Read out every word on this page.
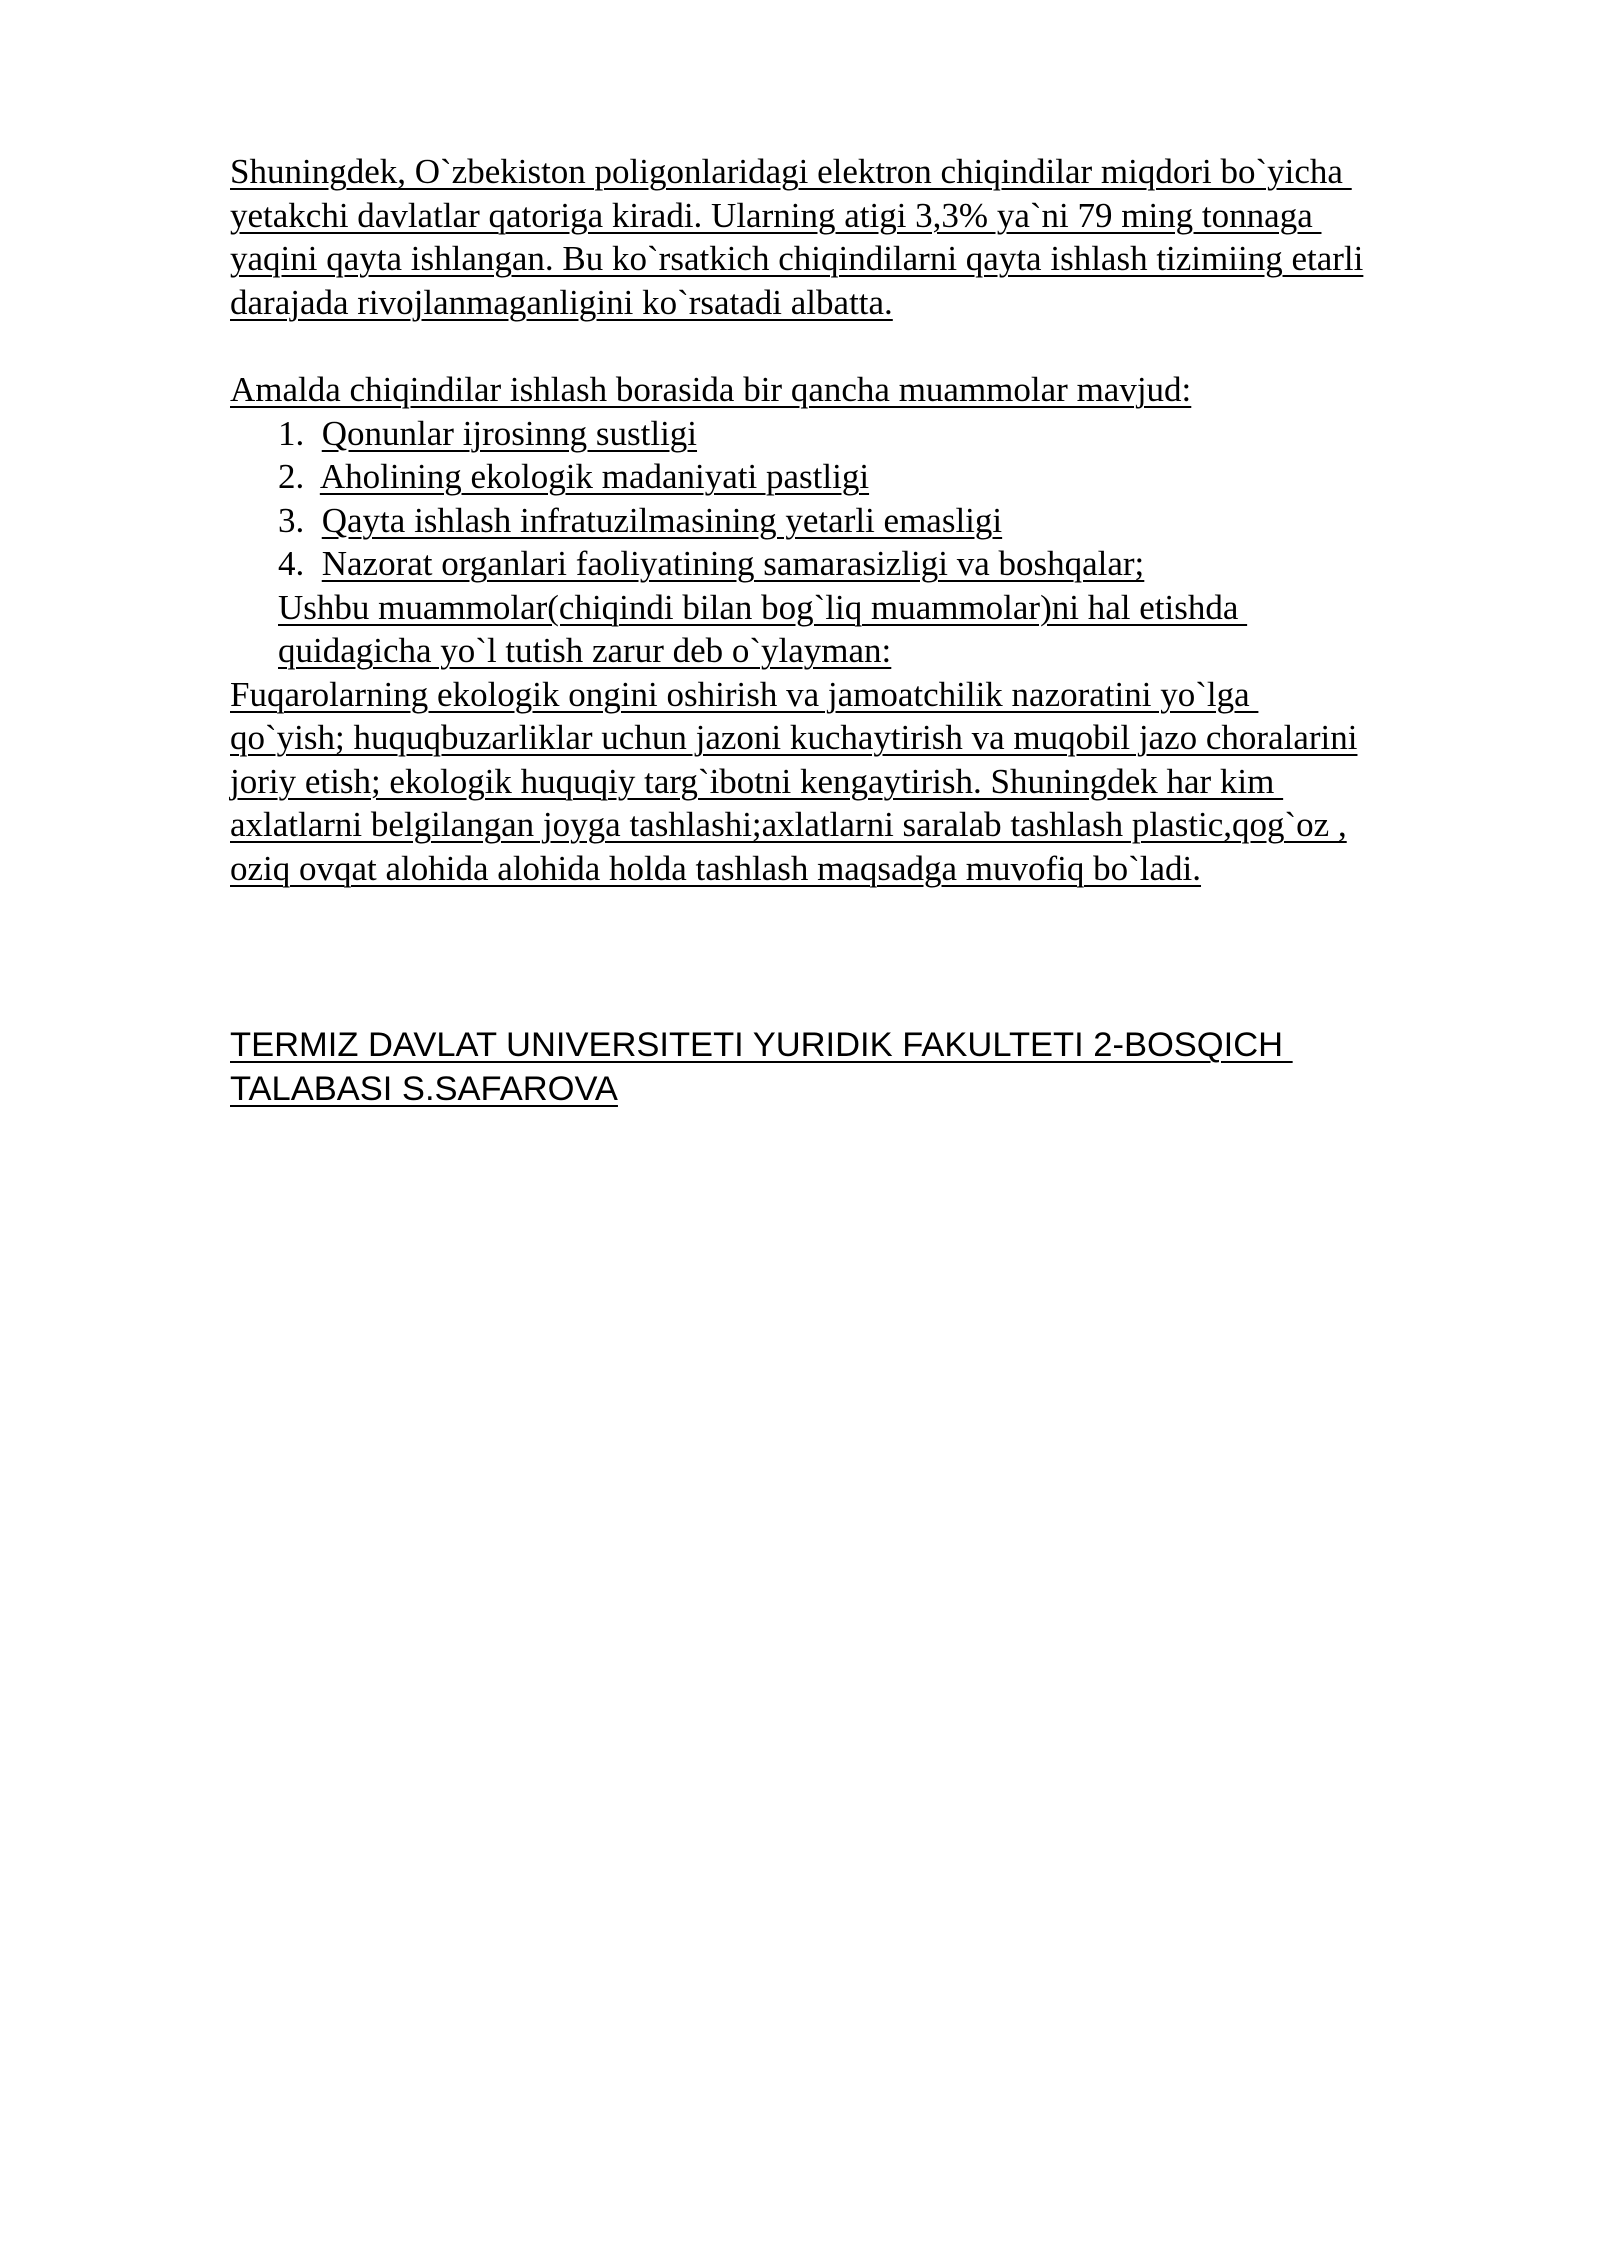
Shuningdek, O`zbekiston poligonlaridagi elektron chiqindilar miqdori bo`yicha
yetakchi davlatlar qatoriga kiradi. Ularning atigi 3,3% ya`ni 79 ming tonnaga
yaqini qayta ishlangan. Bu ko`rsatkich chiqindilarni qayta ishlash tizimiing etarli
darajada rivojlanmaganligini ko`rsatadi albatta.
Amalda chiqindilar ishlash borasida bir qancha muammolar mavjud:
1. Qonunlar ijrosinng sustligi
2. Aholining ekologik madaniyati pastligi
3. Qayta ishlash infratuzilmasining yetarli emasligi
4. Nazorat organlari faoliyatining samarasizligi va boshqalar;
Ushbu muammolar(chiqindi bilan bog`liq muammolar)ni hal etishda
quidagicha yo`l tutish zarur deb o`ylayman:
Fuqarolarning ekologik ongini oshirish va jamoatchilik nazoratini yo`lga
qo`yish; huquqbuzarliklar uchun jazoni kuchaytirish va muqobil jazo choralarini
joriy etish; ekologik huquqiy targ`ibotni kengaytirish. Shuningdek har kim
axlatlarni belgilangan joyga tashlashi;axlatlarni saralab tashlash plastic,qog`oz ,
oziq ovqat alohida alohida holda tashlash maqsadga muvofiq bo`ladi.
TERMIZ DAVLAT UNIVERSITETI YURIDIK FAKULTETI 2-BOSQICH
TALABASI S.SAFAROVA
